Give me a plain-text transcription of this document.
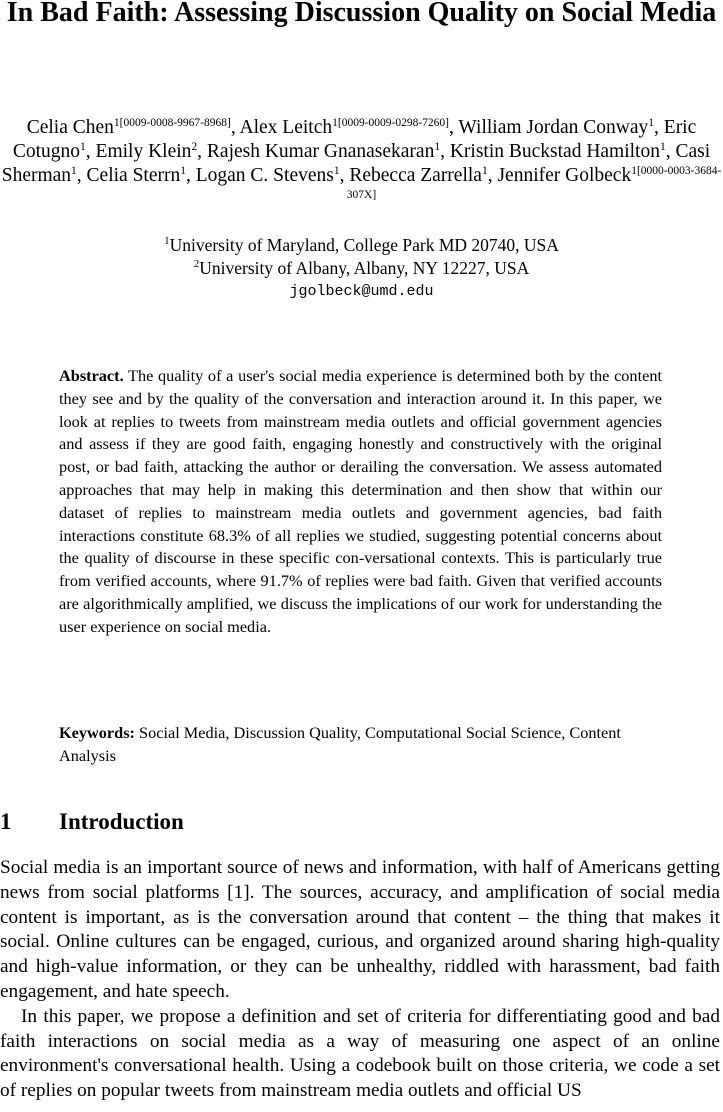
In Bad Faith: Assessing Discussion Quality on Social Media
Celia Chen$^{1[0009-0008-9967-8968]}$, Alex Leitch$^{1[0009-0009-0298-7260]}$, William Jordan Conway$^1$, Eric Cotugno$^1$, Emily Klein$^2$, Rajesh Kumar Gnanasekaran$^1$, Kristin Buckstad Hamilton$^1$, Casi Sherman$^1$, Celia Sterrn$^1$, Logan C. Stevens$^1$, Rebecca Zarrella$^1$, Jennifer Golbeck$^{1[0000-0003-3684-307X]}$
$^1$University of Maryland, College Park MD 20740, USA
$^2$University of Albany, Albany, NY 12227, USA
jgolbeck@umd.edu
Abstract. The quality of a user's social media experience is determined both by the content they see and by the quality of the conversation and interaction around it. In this paper, we look at replies to tweets from mainstream media outlets and official government agencies and assess if they are good faith, engaging honestly and constructively with the original post, or bad faith, attacking the author or derailing the conversation. We assess automated approaches that may help in making this determination and then show that within our dataset of replies to mainstream media outlets and government agencies, bad faith interactions constitute 68.3% of all replies we studied, suggesting potential concerns about the quality of discourse in these specific con-versational contexts. This is particularly true from verified accounts, where 91.7% of replies were bad faith. Given that verified accounts are algorithmically amplified, we discuss the implications of our work for understanding the user experience on social media.
Keywords: Social Media, Discussion Quality, Computational Social Science, Content Analysis
1 Introduction

Social media is an important source of news and information, with half of Americans getting news from social platforms [1]. The sources, accuracy, and amplification of social media content is important, as is the conversation around that content – the thing that makes it social. Online cultures can be engaged, curious, and organized around sharing high-quality and high-value information, or they can be unhealthy, riddled with harassment, bad faith engagement, and hate speech.

In this paper, we propose a definition and set of criteria for differentiating good and bad faith interactions on social media as a way of measuring one aspect of an online environment's conversational health. Using a codebook built on those criteria, we code a set of replies on popular tweets from mainstream media outlets and official US
